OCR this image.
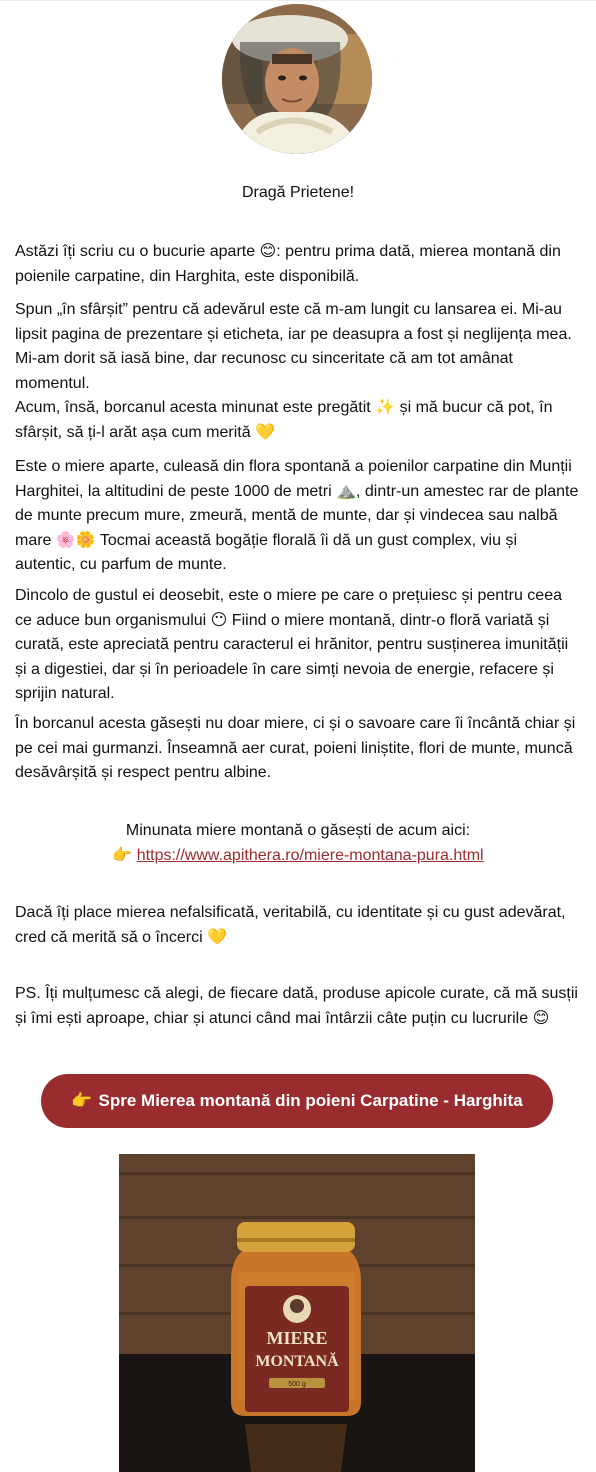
Dragă Prietene!

Astăzi îți scriu cu o bucurie aparte 😊: pentru prima dată, mierea montană din poienile carpatine, din Harghita, este disponibilă.

Spun „în sfârșit” pentru că adevărul este că m-am lungit cu lansarea ei. Mi-au lipsit pagina de prezentare și eticheta, iar pe deasupra a fost și neglijența mea. Mi-am dorit să iasă bine, dar recunosc cu sinceritate că am tot amânat momentul.

Acum, însă, borcanul acesta minunat este pregătit ✨ și mă bucur că pot, în sfârșit, să ți-l arăt așa cum merită 💛

Este o miere aparte, culeasă din flora spontană a poienilor carpatine din Munții Harghitei, la altitudini de peste 1000 de metri ⛰️, dintr-un amestec rar de plante de munte precum mure, zmeură, mentă de munte, dar și vindecea sau nalbă mare 🌸🌼 Tocmai această bogăție florală îi dă un gust complex, viu și autentic, cu parfum de munte.

Dincolo de gustul ei deosebit, este o miere pe care o prețuiesc și pentru ceea ce aduce bun organismului 😶 Fiind o miere montană, dintr-o floră variată și curată, este apreciată pentru caracterul ei hrănitor, pentru susținerea imunității și a digestiei, dar și în perioadele în care simți nevoia de energie, refacere și sprijin natural.

În borcanul acesta găsești nu doar miere, ci și o savoare care îi încântă chiar și pe cei mai gurmanzi. Înseamnă aer curat, poieni liniștite, flori de munte, muncă desăvârșită și respect pentru albine.

Minunata miere montană o găsești de acum aici:

👉 https://www.apithera.ro/miere-montana-pura.html

Dacă îți place mierea nefalsificată, veritabilă, cu identitate și cu gust adevărat, cred că merită să o încerci 💛

PS. Îți mulțumesc că alegi, de fiecare dată, produse apicole curate, că mă susții și îmi ești aproape, chiar și atunci când mai întârzii câte puțin cu lucrurile 😊

👉 Spre Mierea montană din poieni Carpatine - Harghita
MIERE
MONTANĂ
500 g
